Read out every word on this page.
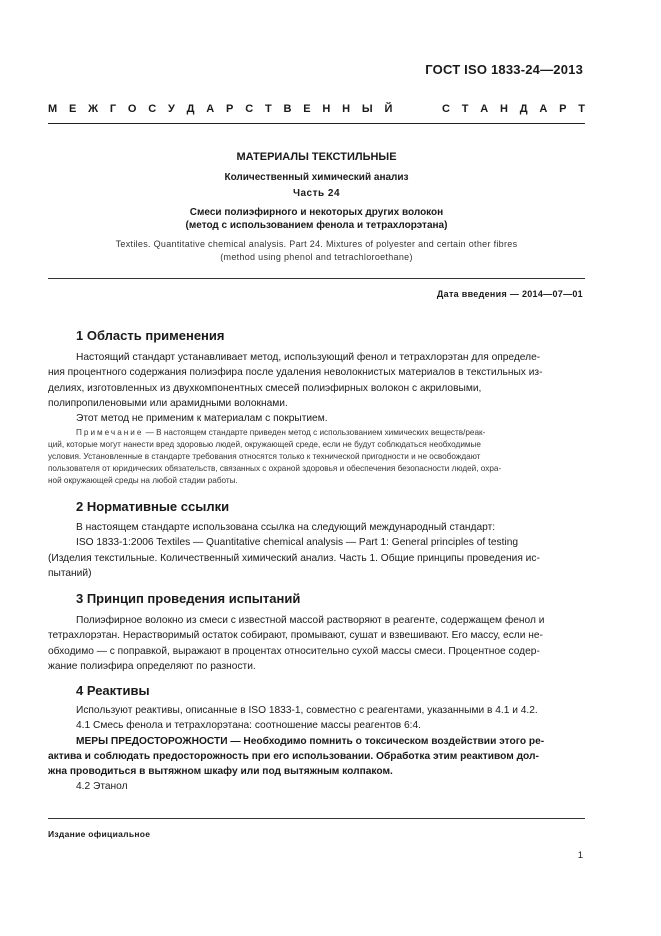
ГОСТ ISO 1833-24—2013
М Е Ж Г О С У Д А Р С Т В Е Н Н Ы Й	С Т А Н Д А Р Т
МАТЕРИАЛЫ ТЕКСТИЛЬНЫЕ
Количественный химический анализ
Часть 24
Смеси полиэфирного и некоторых других волокон
(метод с использованием фенола и тетрахлорэтана)
Textiles. Quantitative chemical analysis. Part 24. Mixtures of polyester and certain other fibres
(method using phenol and tetrachloroethane)
Дата введения — 2014—07—01
1 Область применения
Настоящий стандарт устанавливает метод, использующий фенол и тетрахлорэтан для определе-
ния процентного содержания полиэфира после удаления неволокнистых материалов в текстильных из-
делиях, изготовленных из двухкомпонентных смесей полиэфирных волокон с акриловыми,
полипропиленовыми или арамидными волокнами.
Этот метод не применим к материалам с покрытием.
Примечание — В настоящем стандарте приведен метод с использованием химических веществ/реак-
ций, которые могут нанести вред здоровью людей, окружающей среде, если не будут соблюдаться необходимые
условия. Установленные в стандарте требования относятся только к технической пригодности и не освобождают
пользователя от юридических обязательств, связанных с охраной здоровья и обеспечения безопасности людей, охра-
ной окружающей среды на любой стадии работы.
2 Нормативные ссылки
В настоящем стандарте использована ссылка на следующий международный стандарт:
ISO 1833-1:2006 Textiles — Quantitative chemical analysis — Part 1: General principles of testing
(Изделия текстильные. Количественный химический анализ. Часть 1. Общие принципы проведения ис-
пытаний)
3 Принцип проведения испытаний
Полиэфирное волокно из смеси с известной массой растворяют в реагенте, содержащем фенол и
тетрахлорэтан. Нерастворимый остаток собирают, промывают, сушат и взвешивают. Его массу, если не-
обходимо — с поправкой, выражают в процентах относительно сухой массы смеси. Процентное содер-
жание полиэфира определяют по разности.
4 Реактивы
Используют реактивы, описанные в ISO 1833-1, совместно с реагентами, указанными в 4.1 и 4.2.
4.1 Смесь фенола и тетрахлорэтана: соотношение массы реагентов 6:4.
МЕРЫ ПРЕДОСТОРОЖНОСТИ — Необходимо помнить о токсическом воздействии этого ре-
актива и соблюдать предосторожность при его использовании. Обработка этим реактивом дол-
жна проводиться в вытяжном шкафу или под вытяжным колпаком.
4.2 Этанол
Издание официальное
1
